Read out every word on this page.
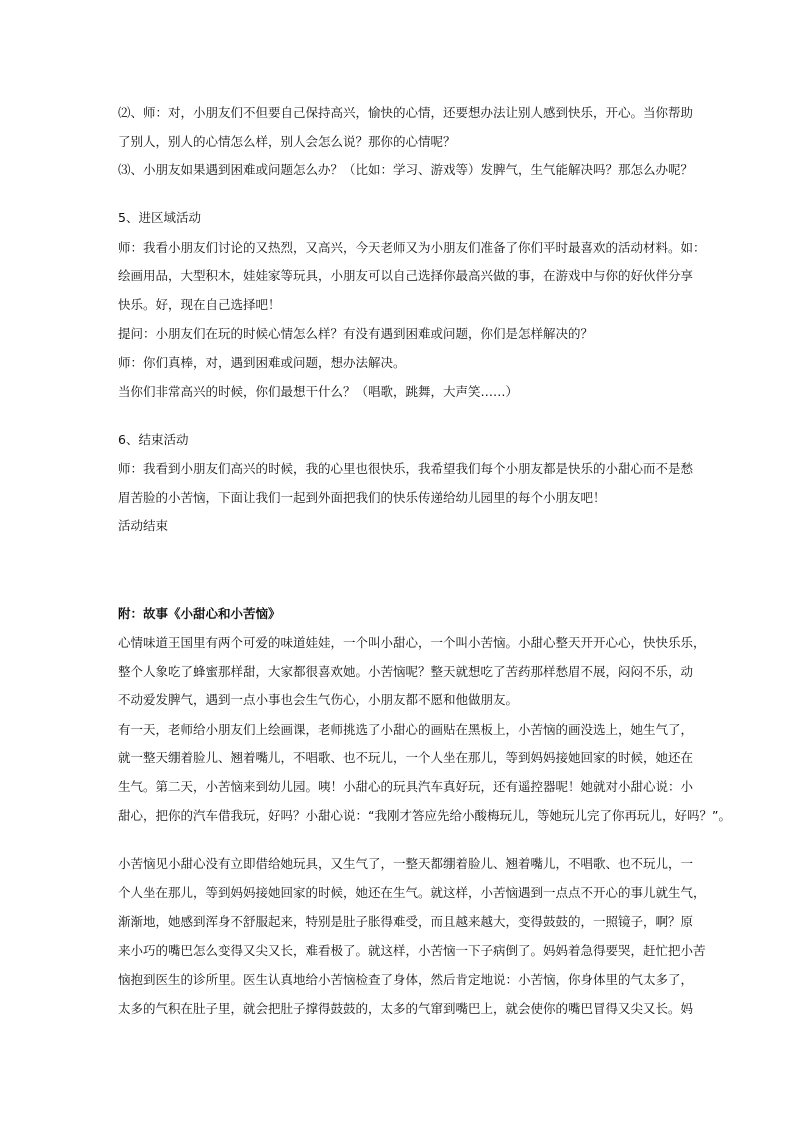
⑵、师：对，小朋友们不但要自己保持高兴，愉快的心情，还要想办法让别人感到快乐，开心。当你帮助
了别人，别人的心情怎么样，别人会怎么说？那你的心情呢？
⑶、小朋友如果遇到困难或问题怎么办？（比如：学习、游戏等）发脾气，生气能解决吗？那怎么办呢？
5、进区域活动
师：我看小朋友们讨论的又热烈，又高兴，今天老师又为小朋友们准备了你们平时最喜欢的活动材料。如：
绘画用品，大型积木，娃娃家等玩具，小朋友可以自己选择你最高兴做的事，在游戏中与你的好伙伴分享
快乐。好，现在自己选择吧！
提问：小朋友们在玩的时候心情怎么样？有没有遇到困难或问题，你们是怎样解决的？
师：你们真棒，对，遇到困难或问题，想办法解决。
当你们非常高兴的时候，你们最想干什么？（唱歌，跳舞，大声笑……）
6、结束活动
师：我看到小朋友们高兴的时候，我的心里也很快乐，我希望我们每个小朋友都是快乐的小甜心而不是愁
眉苦脸的小苦恼，下面让我们一起到外面把我们的快乐传递给幼儿园里的每个小朋友吧！
活动结束
附：故事《小甜心和小苦恼》
心情味道王国里有两个可爱的味道娃娃，一个叫小甜心，一个叫小苦恼。小甜心整天开开心心，快快乐乐，
整个人象吃了蜂蜜那样甜，大家都很喜欢她。小苦恼呢？整天就想吃了苦药那样愁眉不展，闷闷不乐，动
不动爱发脾气，遇到一点小事也会生气伤心，小朋友都不愿和他做朋友。
有一天，老师给小朋友们上绘画课，老师挑选了小甜心的画贴在黑板上，小苦恼的画没选上，她生气了，
就一整天绷着脸儿、翘着嘴儿，不唱歌、也不玩儿，一个人坐在那儿，等到妈妈接她回家的时候，她还在
生气。第二天，小苦恼来到幼儿园。咦！小甜心的玩具汽车真好玩，还有遥控器呢！她就对小甜心说：小
甜心，把你的汽车借我玩，好吗？小甜心说：“我刚才答应先给小酸梅玩儿，等她玩儿完了你再玩儿，好吗？”。
小苦恼见小甜心没有立即借给她玩具，又生气了，一整天都绷着脸儿、翘着嘴儿，不唱歌、也不玩儿，一
个人坐在那儿，等到妈妈接她回家的时候，她还在生气。就这样，小苦恼遇到一点点不开心的事儿就生气，
渐渐地，她感到浑身不舒服起来，特别是肚子胀得难受，而且越来越大，变得鼓鼓的，一照镜子，啊？原
来小巧的嘴巴怎么变得又尖又长，难看极了。就这样，小苦恼一下子病倒了。妈妈着急得要哭，赶忙把小苦
恼抱到医生的诊所里。医生认真地给小苦恼检查了身体，然后肯定地说：小苦恼，你身体里的气太多了，
太多的气积在肚子里，就会把肚子撑得鼓鼓的，太多的气窜到嘴巴上，就会使你的嘴巴冒得又尖又长。妈
